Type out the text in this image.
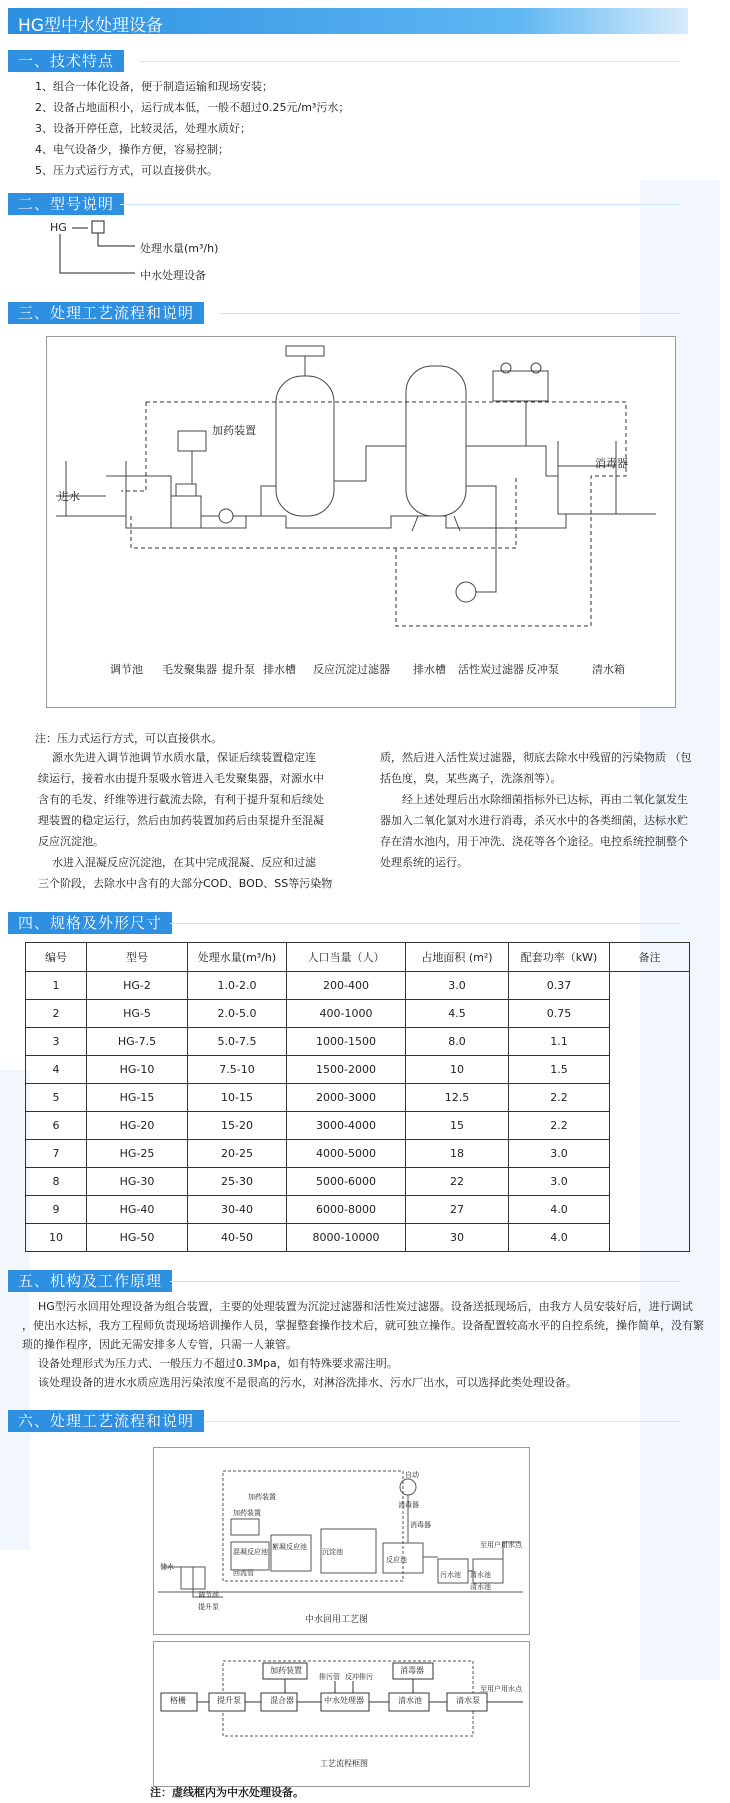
HG型中水处理设备
一、技术特点
1、组合一体化设备，便于制造运输和现场安装；
2、设备占地面积小，运行成本低，一般不超过0.25元/m³污水；
3、设备开停任意，比较灵活，处理水质好；
4、电气设备少，操作方便，容易控制；
5、压力式运行方式，可以直接供水。
二、型号说明
HG
处理水量(m³/h)
中水处理设备
三、处理工艺流程和说明
进水
加药装置
消毒器
调节池 毛发聚集器 提升泵 排水槽 反应沉淀过滤器 排水槽 活性炭过滤器 反冲泵	清水箱
注：压力式运行方式，可以直接供水。
源水先进入调节池调节水质水量，保证后续装置稳定连
续运行，接着水由提升泵吸水管进入毛发聚集器，对源水中
含有的毛发、纤维等进行截流去除，有利于提升泵和后续处
理装置的稳定运行，然后由加药装置加药后由泵提升至混凝
反应沉淀池。
水进入混凝反应沉淀池，在其中完成混凝、反应和过滤
三个阶段，去除水中含有的大部分COD、BOD、SS等污染物
质，然后进入活性炭过滤器，彻底去除水中残留的污染物质 （包
括色度，臭，某些离子，洗涤剂等）。
经上述处理后出水除细菌指标外已达标，再由二氧化氯发生
器加入二氧化氯对水进行消毒，杀灭水中的各类细菌，达标水贮
存在清水池内，用于冲洗、浇花等各个途径。电控系统控制整个
处理系统的运行。
四、规格及外形尺寸
编号	型号	处理水量(m³/h)	人口当量（人）	占地面积 (m²)	配套功率（kW)	备注
1	HG-2	1.0-2.0	200-400	3.0	0.37	
2	HG-5	2.0-5.0	400-1000	4.5	0.75	
3	HG-7.5	5.0-7.5	1000-1500	8.0	1.1	
4	HG-10	7.5-10	1500-2000	10	1.5	
5	HG-15	10-15	2000-3000	12.5	2.2	
6	HG-20	15-20	3000-4000	15	2.2	
7	HG-25	20-25	4000-5000	18	3.0	
8	HG-30	25-30	5000-6000	22	3.0	
9	HG-40	30-40	6000-8000	27	4.0	
10	HG-50	40-50	8000-10000	30	4.0	
五、机构及工作原理
HG型污水回用处理设备为组合装置，主要的处理装置为沉淀过滤器和活性炭过滤器。设备送抵现场后，由我方人员安装好后，进行调试
，使出水达标，我方工程师负责现场培训操作人员，掌握整套操作技术后，就可独立操作。设备配置较高水平的自控系统，操作简单，没有繁
琐的操作程序，因此无需安排多人专管，只需一人兼管。
设备处理形式为压力式、一般压力不超过0.3Mpa，如有特殊要求需注明。
该处理设备的进水水质应选用污染浓度不是很高的污水，对淋浴洗排水、污水厂出水，可以选择此类处理设备。
六、处理工艺流程和说明
中水回用工艺图
储水
调节池
提升泵
加药装置
混凝反应池
絮凝反应池
沉淀池
反应池
加药装置
清水池
消毒器
至用户用水点
回流管	污水池
清水池
自动
消毒器
格栅	提升泵	混合器	中水处理器	清水池	清水泵
加药装置	消毒器
排污管 反冲排污
至用户用水点
工艺流程框图
注：虚线框内为中水处理设备。
